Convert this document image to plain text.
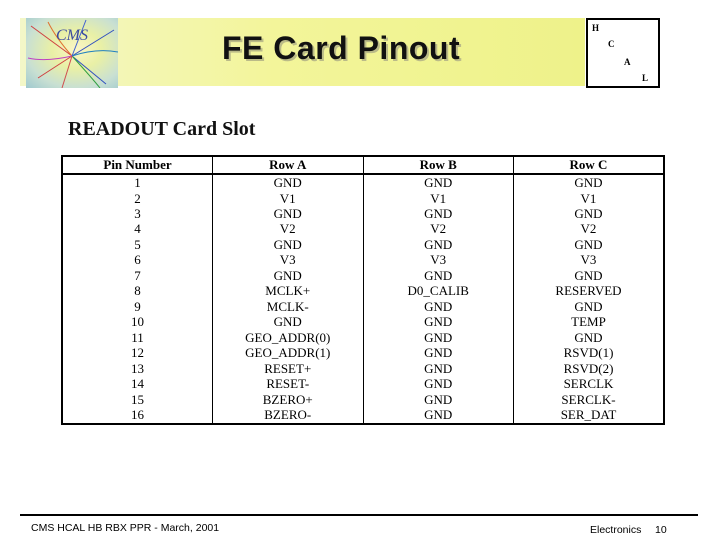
CMS	FE Card Pinout
H
C
A
L
READOUT Card Slot
Pin Number	Row A	Row B	Row C
1	GND	GND	GND
2	V1	V1	V1
3	GND	GND	GND
4	V2	V2	V2
5	GND	GND	GND
6	V3	V3	V3
7	GND	GND	GND
8	MCLK+	D0_CALIB	RESERVED
9	MCLK-	GND	GND
10	GND	GND	TEMP
11	GEO_ADDR(0)	GND	GND
12	GEO_ADDR(1)	GND	RSVD(1)
13	RESET+	GND	RSVD(2)
14	RESET-	GND	SERCLK
15	BZERO+	GND	SERCLK-
16	BZERO-	GND	SER_DAT
CMS HCAL HB RBX PPR - March, 2001	Electronics 10
